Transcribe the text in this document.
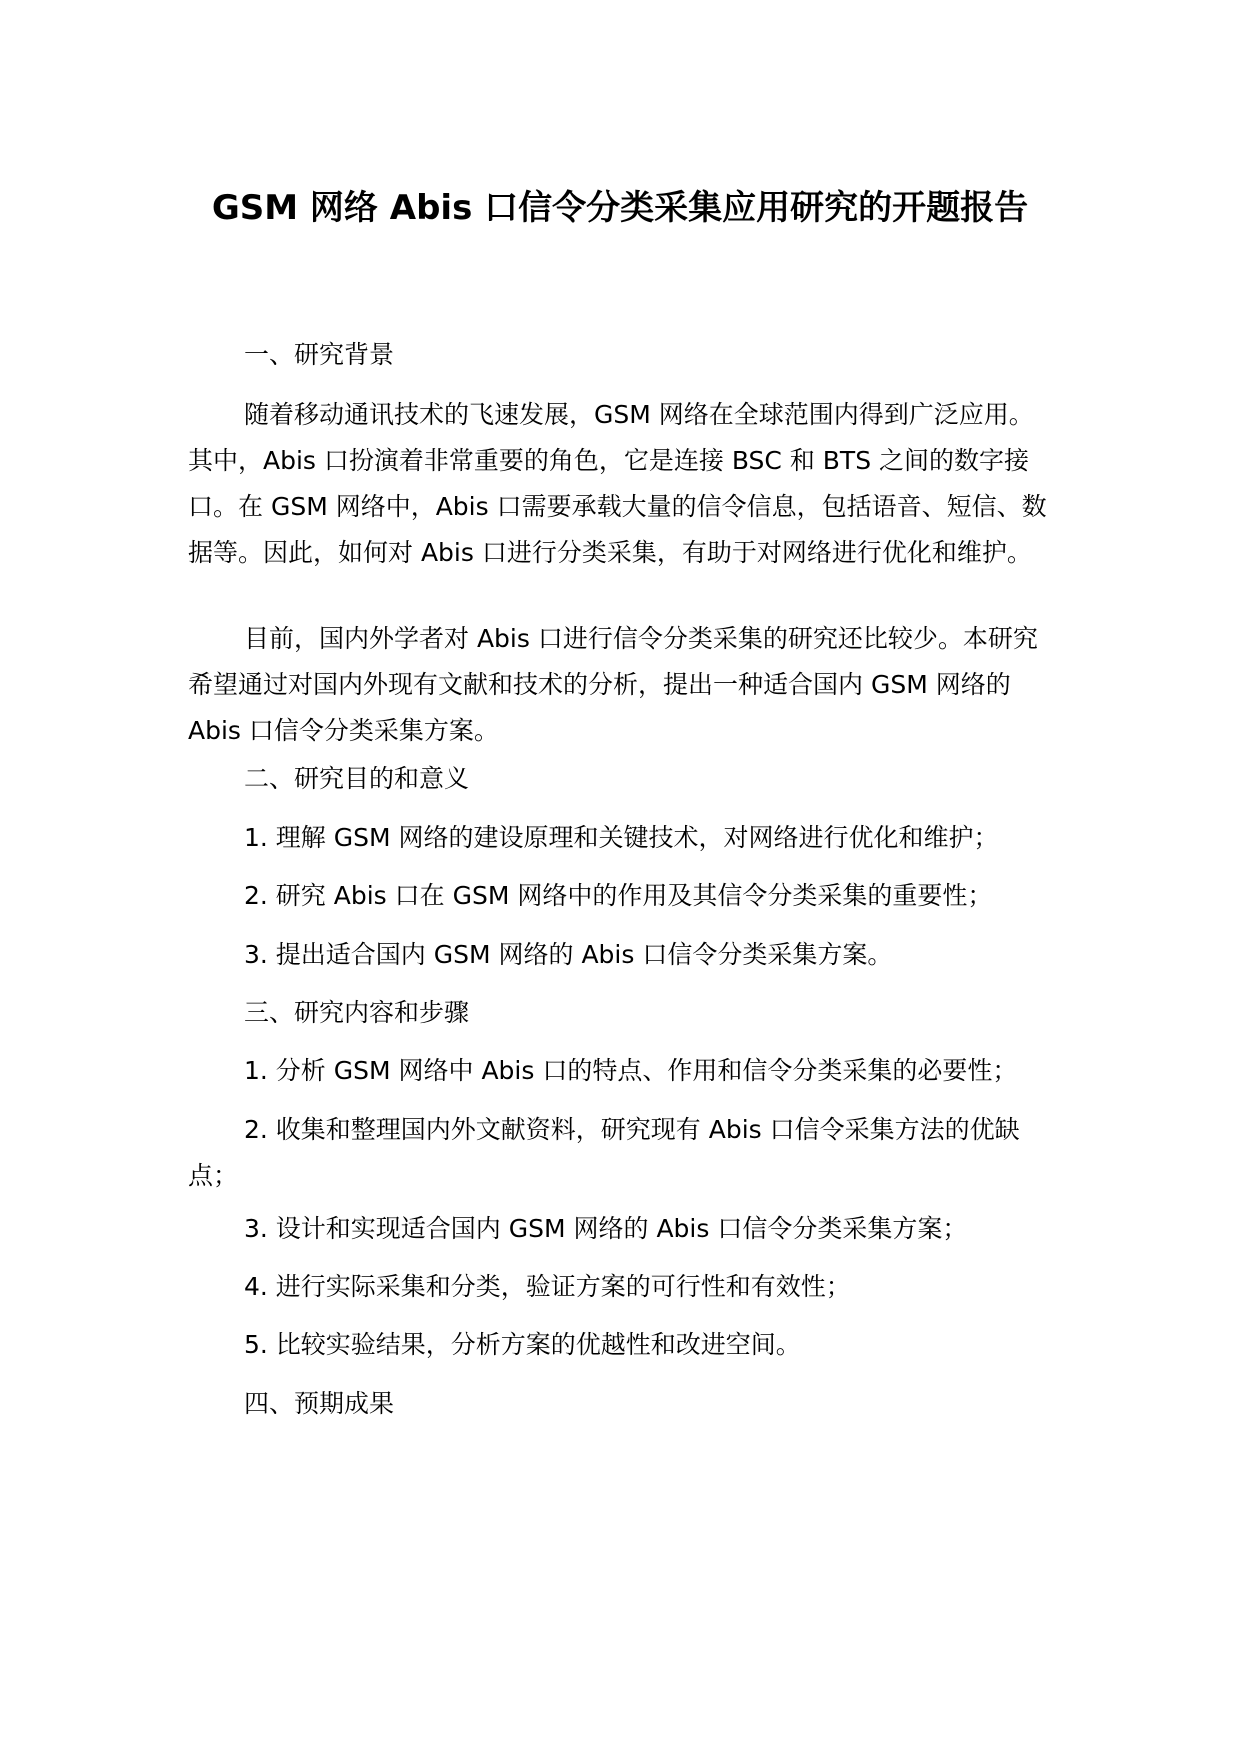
GSM 网络 Abis 口信令分类采集应用研究的开题报告

一、研究背景

随着移动通讯技术的飞速发展，GSM 网络在全球范围内得到广泛应用。其中，Abis 口扮演着非常重要的角色，它是连接 BSC 和 BTS 之间的数字接口。在 GSM 网络中，Abis 口需要承载大量的信令信息，包括语音、短信、数据等。因此，如何对 Abis 口进行分类采集，有助于对网络进行优化和维护。

目前，国内外学者对 Abis 口进行信令分类采集的研究还比较少。本研究希望通过对国内外现有文献和技术的分析，提出一种适合国内 GSM 网络的 Abis 口信令分类采集方案。

二、研究目的和意义

1. 理解 GSM 网络的建设原理和关键技术，对网络进行优化和维护；

2. 研究 Abis 口在 GSM 网络中的作用及其信令分类采集的重要性；

3. 提出适合国内 GSM 网络的 Abis 口信令分类采集方案。

三、研究内容和步骤

1. 分析 GSM 网络中 Abis 口的特点、作用和信令分类采集的必要性；

2. 收集和整理国内外文献资料，研究现有 Abis 口信令采集方法的优缺点；

3. 设计和实现适合国内 GSM 网络的 Abis 口信令分类采集方案；

4. 进行实际采集和分类，验证方案的可行性和有效性；

5. 比较实验结果，分析方案的优越性和改进空间。

四、预期成果
